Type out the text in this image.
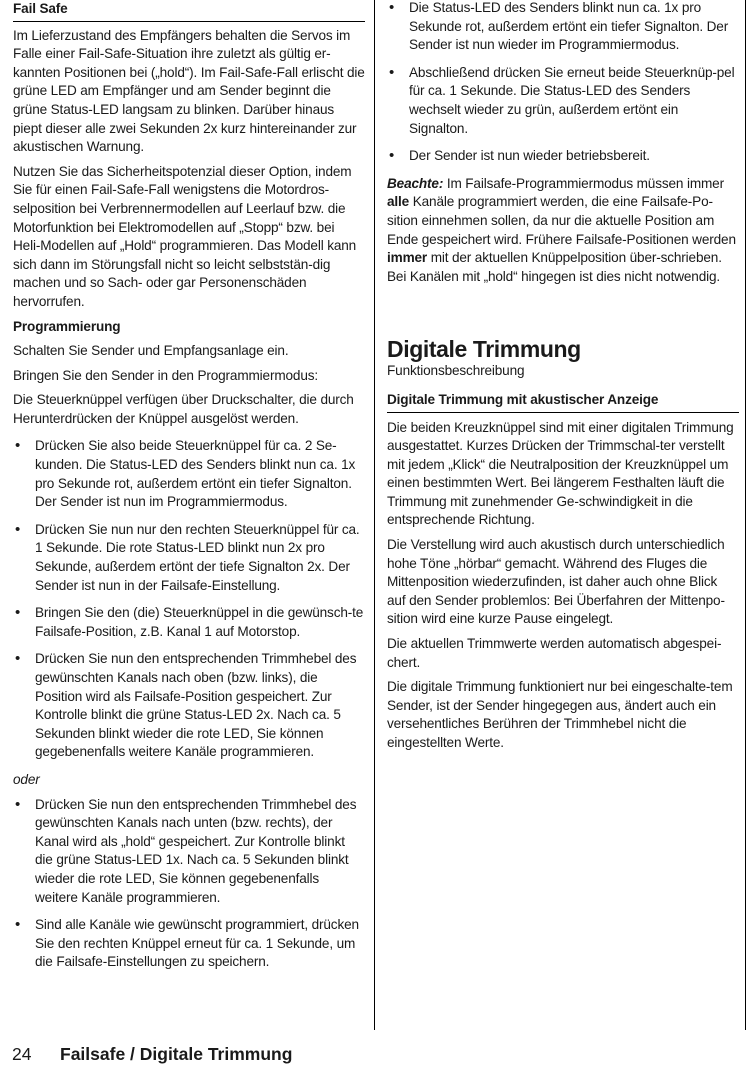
Fail Safe

Im Lieferzustand des Empfängers behalten die Servos im Falle einer Fail-Safe-Situation ihre zuletzt als gültig er-kannten Positionen bei („hold“). Im Fail-Safe-Fall erlischt die grüne LED am Empfänger und am Sender beginnt die grüne Status-LED langsam zu blinken. Darüber hinaus piept dieser alle zwei Sekunden 2x kurz hintereinander zur akustischen Warnung.

Nutzen Sie das Sicherheitspotenzial dieser Option, indem Sie für einen Fail-Safe-Fall wenigstens die Motordros-selposition bei Verbrennermodellen auf Leerlauf bzw. die Motorfunktion bei Elektromodellen auf „Stopp“ bzw. bei Heli-Modellen auf „Hold“ programmieren. Das Modell kann sich dann im Störungsfall nicht so leicht selbststän-dig machen und so Sach- oder gar Personenschäden hervorrufen.

Programmierung

Schalten Sie Sender und Empfangsanlage ein.

Bringen Sie den Sender in den Programmiermodus:

Die Steuerknüppel verfügen über Druckschalter, die durch Herunterdrücken der Knüppel ausgelöst werden.

• Drücken Sie also beide Steuerknüppel für ca. 2 Se-kunden. Die Status-LED des Senders blinkt nun ca. 1x pro Sekunde rot, außerdem ertönt ein tiefer Signalton. Der Sender ist nun im Programmiermodus.
• Drücken Sie nun nur den rechten Steuerknüppel für ca. 1 Sekunde. Die rote Status-LED blinkt nun 2x pro Sekunde, außerdem ertönt der tiefe Signalton 2x. Der Sender ist nun in der Failsafe-Einstellung.
• Bringen Sie den (die) Steuerknüppel in die gewünsch-te Failsafe-Position, z.B. Kanal 1 auf Motorstop.
• Drücken Sie nun den entsprechenden Trimmhebel des gewünschten Kanals nach oben (bzw. links), die Position wird als Failsafe-Position gespeichert. Zur Kontrolle blinkt die grüne Status-LED 2x. Nach ca. 5 Sekunden blinkt wieder die rote LED, Sie können gegebenenfalls weitere Kanäle programmieren.
oder
• Drücken Sie nun den entsprechenden Trimmhebel des gewünschten Kanals nach unten (bzw. rechts), der Kanal wird als „hold“ gespeichert. Zur Kontrolle blinkt die grüne Status-LED 1x. Nach ca. 5 Sekunden blinkt wieder die rote LED, Sie können gegebenenfalls weitere Kanäle programmieren.
• Sind alle Kanäle wie gewünscht programmiert, drücken Sie den rechten Knüppel erneut für ca. 1 Sekunde, um die Failsafe-Einstellungen zu speichern.
• Die Status-LED des Senders blinkt nun ca. 1x pro Sekunde rot, außerdem ertönt ein tiefer Signalton. Der Sender ist nun wieder im Programmiermodus.
• Abschließend drücken Sie erneut beide Steuerknüp-pel für ca. 1 Sekunde. Die Status-LED des Senders wechselt wieder zu grün, außerdem ertönt ein Signalton.
• Der Sender ist nun wieder betriebsbereit.

Beachte: Im Failsafe-Programmiermodus müssen immer alle Kanäle programmiert werden, die eine Failsafe-Po-sition einnehmen sollen, da nur die aktuelle Position am Ende gespeichert wird. Frühere Failsafe-Positionen werden immer mit der aktuellen Knüppelposition über-schrieben. Bei Kanälen mit „hold“ hingegen ist dies nicht notwendig.

Digitale Trimmung
Funktionsbeschreibung
Digitale Trimmung mit akustischer Anzeige

Die beiden Kreuzknüppel sind mit einer digitalen Trimmung ausgestattet. Kurzes Drücken der Trimmschal-ter verstellt mit jedem „Klick“ die Neutralposition der Kreuzknüppel um einen bestimmten Wert. Bei längerem Festhalten läuft die Trimmung mit zunehmender Ge-schwindigkeit in die entsprechende Richtung.

Die Verstellung wird auch akustisch durch unterschiedlich hohe Töne „hörbar“ gemacht. Während des Fluges die Mittenposition wiederzufinden, ist daher auch ohne Blick auf den Sender problemlos: Bei Überfahren der Mittenpo-sition wird eine kurze Pause eingelegt.

Die aktuellen Trimmwerte werden automatisch abgespei-chert.

Die digitale Trimmung funktioniert nur bei eingeschalte-tem Sender, ist der Sender hingegegen aus, ändert auch ein versehentliches Berühren der Trimmhebel nicht die eingestellten Werte.

24 Failsafe / Digitale Trimmung
